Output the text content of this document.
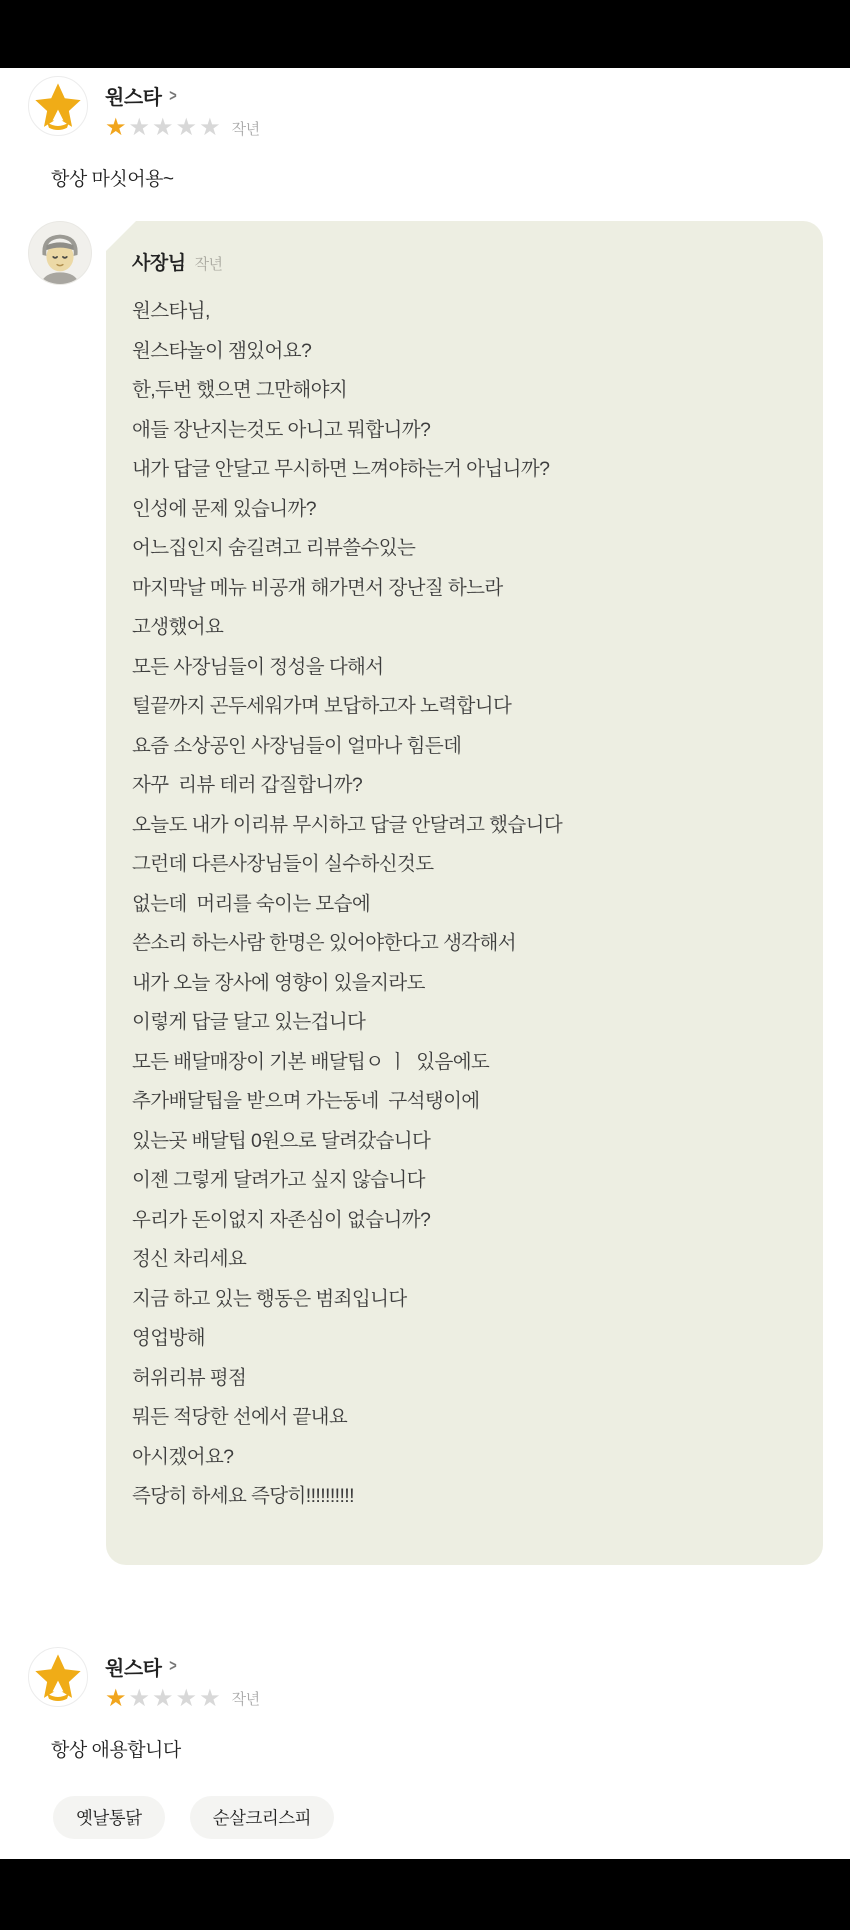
원스타 >
★★★★★ 작년
항상 마싯어용~
사장님 작년
원스타님,
원스타놀이 잼있어요?
한,두번 했으면 그만해야지
애들 장난지는것도 아니고 뭐합니까?
내가 답글 안달고 무시하면 느껴야하는거 아닙니까?
인성에 문제 있습니까?
어느집인지 숨길려고 리뷰쓸수있는
마지막날 메뉴 비공개 해가면서 장난질 하느라
고생했어요
모든 사장님들이 정성을 다해서
털끝까지 곤두세워가며 보답하고자 노력합니다
요즘 소상공인 사장님들이 얼마나 힘든데
자꾸  리뷰 테러 갑질합니까?
오늘도 내가 이리뷰 무시하고 답글 안달려고 했습니다
그런데 다른사장님들이 실수하신것도
없는데  머리를 숙이는 모습에
쓴소리 하는사람 한명은 있어야한다고 생각해서
내가 오늘 장사에 영향이 있을지라도
이렇게 답글 달고 있는겁니다
모든 배달매장이 기본 배달팁ㅇ ㅣ  있음에도
추가배달팁을 받으며 가는동네  구석탱이에
있는곳 배달팁 0원으로 달려갔습니다
이젠 그렇게 달려가고 싶지 않습니다
우리가 돈이없지 자존심이 없습니까?
정신 차리세요
지금 하고 있는 행동은 범죄입니다
영업방해
허위리뷰 평점
뭐든 적당한 선에서 끝내요
아시겠어요?
즉당히 하세요 즉당히!!!!!!!!!!
원스타 >
★★★★★ 작년
항상 애용합니다
옛날통닭	순살크리스피
